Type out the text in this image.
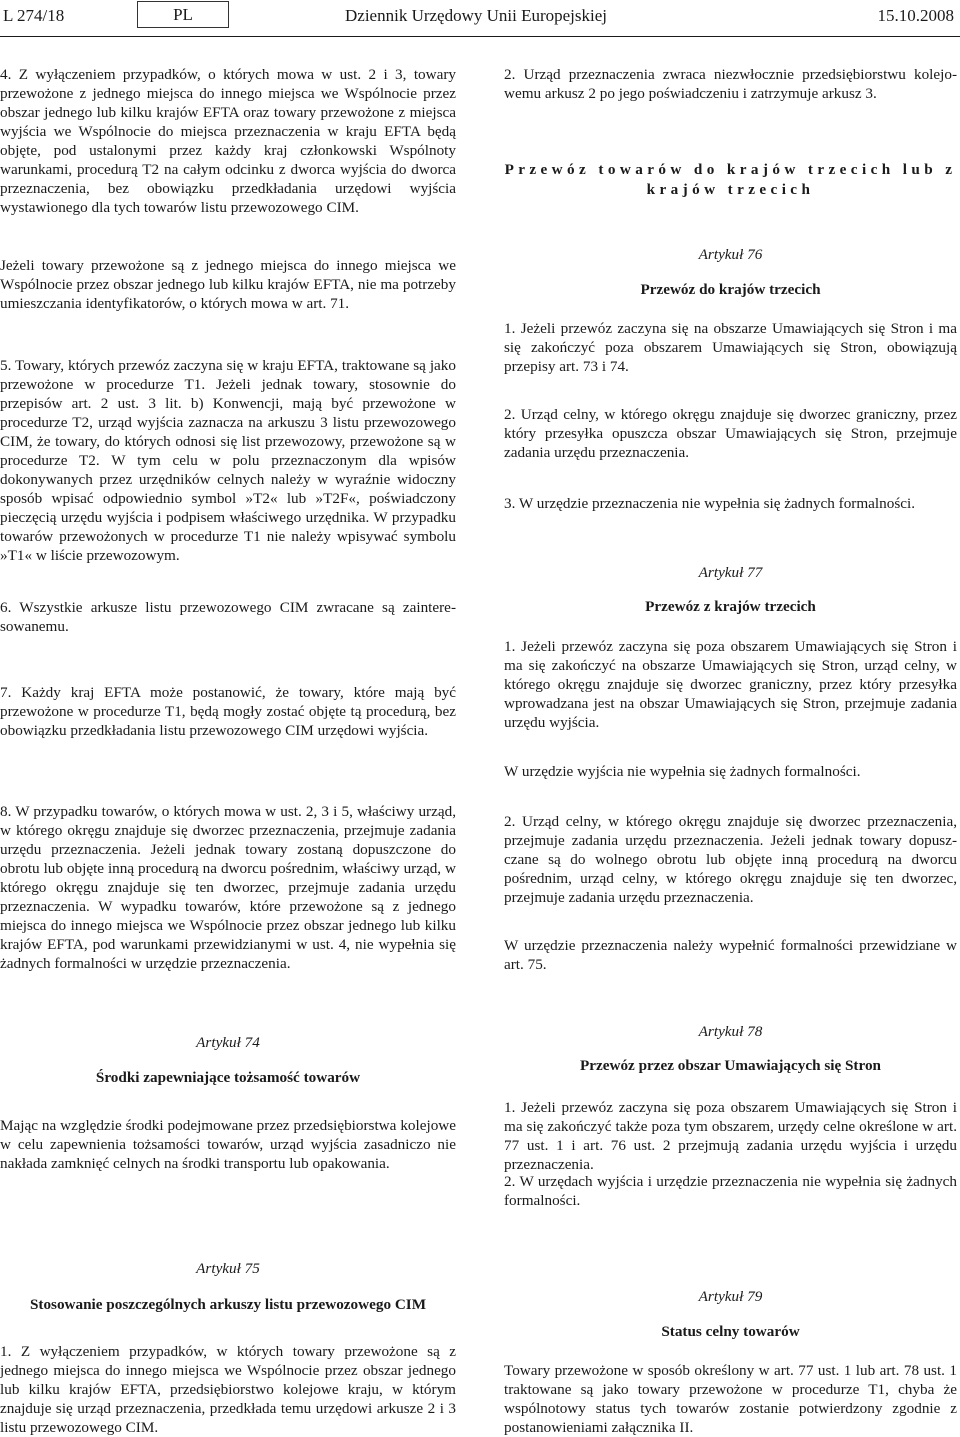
L 274/18	PL	Dziennik Urzędowy Unii Europejskiej	15.10.2008

4. Z wyłączeniem przypadków, o których mowa w ust. 2 i 3, towary przewożone z jednego miejsca do innego miejsca we Wspólnocie przez obszar jednego lub kilku krajów EFTA oraz towary przewożone z miejsca wyjścia we Wspólnocie do miejsca przeznaczenia w kraju EFTA będą objęte, pod ustalonymi przez każdy kraj członkowski Wspólnoty warunkami, procedurą T2 na całym odcinku z dworca wyjścia do dworca przeznaczenia, bez obowiązku przedkładania urzędowi wyjścia wystawionego dla tych towarów listu przewozowego CIM.

Jeżeli towary przewożone są z jednego miejsca do innego miejsca we Wspólnocie przez obszar jednego lub kilku krajów EFTA, nie ma potrzeby umieszczania identyfikatorów, o których mowa w art. 71.

5. Towary, których przewóz zaczyna się w kraju EFTA, traktowane są jako przewożone w procedurze T1. Jeżeli jednak towary, stosownie do przepisów art. 2 ust. 3 lit. b) Konwencji, mają być przewożone w procedurze T2, urząd wyjścia zaznacza na arkuszu 3 listu przewozowego CIM, że towary, do których odnosi się list przewozowy, przewożone są w procedurze T2. W tym celu w polu przeznaczonym dla wpisów dokonywanych przez urzędników celnych należy w wyraźnie widoczny sposób wpisać odpowiednio symbol »T2« lub »T2F«, poświadczony pieczęcią urzędu wyjścia i podpisem właściwego urzędnika. W przypadku towarów przewożonych w procedurze T1 nie należy wpisywać symbolu »T1« w liście przewozowym.

6. Wszystkie arkusze listu przewozowego CIM zwracane są zainteresowanemu.

7. Każdy kraj EFTA może postanowić, że towary, które mają być przewożone w procedurze T1, będą mogły zostać objęte tą procedurą, bez obowiązku przedkładania listu przewozowego CIM urzędowi wyjścia.

8. W przypadku towarów, o których mowa w ust. 2, 3 i 5, właściwy urząd, w którego okręgu znajduje się dworzec przeznaczenia, przejmuje zadania urzędu przeznaczenia. Jeżeli jednak towary zostaną dopuszczone do obrotu lub objęte inną procedurą na dworcu pośrednim, właściwy urząd, w którego okręgu znajduje się ten dworzec, przejmuje zadania urzędu przeznaczenia. W wypadku towarów, które przewożone są z jednego miejsca do innego miejsca we Wspólnocie przez obszar jednego lub kilku krajów EFTA, pod warunkami przewidzianymi w ust. 4, nie wypełnia się żadnych formalności w urzędzie przeznaczenia.

Artykuł 74
Środki zapewniające tożsamość towarów

Mając na względzie środki podejmowane przez przedsiębiorstwa kolejowe w celu zapewnienia tożsamości towarów, urząd wyjścia zasadniczo nie nakłada zamknięć celnych na środki transportu lub opakowania.

Artykuł 75
Stosowanie poszczególnych arkuszy listu przewozowego CIM

1. Z wyłączeniem przypadków, w których towary przewożone są z jednego miejsca do innego miejsca we Wspólnocie przez obszar jednego lub kilku krajów EFTA, przedsiębiorstwo kolejowe kraju, w którym znajduje się urząd przeznaczenia, przedkłada temu urzędowi arkusze 2 i 3 listu przewozowego CIM.

2. Urząd przeznaczenia zwraca niezwłocznie przedsiębiorstwu kolejowemu arkusz 2 po jego poświadczeniu i zatrzymuje arkusz 3.

Przewóz towarów do krajów trzecich lub z
krajów trzecich
Artykuł 76
Przewóz do krajów trzecich

1. Jeżeli przewóz zaczyna się na obszarze Umawiających się Stron i ma się zakończyć poza obszarem Umawiających się Stron, obowiązują przepisy art. 73 i 74.

2. Urząd celny, w którego okręgu znajduje się dworzec graniczny, przez który przesyłka opuszcza obszar Umawiających się Stron, przejmuje zadania urzędu przeznaczenia.

3. W urzędzie przeznaczenia nie wypełnia się żadnych formalności.

Artykuł 77
Przewóz z krajów trzecich

1. Jeżeli przewóz zaczyna się poza obszarem Umawiających się Stron i ma się zakończyć na obszarze Umawiających się Stron, urząd celny, w którego okręgu znajduje się dworzec graniczny, przez który przesyłka wprowadzana jest na obszar Umawiających się Stron, przejmuje zadania urzędu wyjścia.

W urzędzie wyjścia nie wypełnia się żadnych formalności.

2. Urząd celny, w którego okręgu znajduje się dworzec przeznaczenia, przejmuje zadania urzędu przeznaczenia. Jeżeli jednak towary dopuszczane są do wolnego obrotu lub objęte inną procedurą na dworcu pośrednim, urząd celny, w którego okręgu znajduje się ten dworzec, przejmuje zadania urzędu przeznaczenia.

W urzędzie przeznaczenia należy wypełnić formalności przewidziane w art. 75.

Artykuł 78
Przewóz przez obszar Umawiających się Stron

1. Jeżeli przewóz zaczyna się poza obszarem Umawiających się Stron i ma się zakończyć także poza tym obszarem, urzędy celne określone w art. 77 ust. 1 i art. 76 ust. 2 przejmują zadania urzędu wyjścia i urzędu przeznaczenia.

2. W urzędach wyjścia i urzędzie przeznaczenia nie wypełnia się żadnych formalności.

Artykuł 79
Status celny towarów

Towary przewożone w sposób określony w art. 77 ust. 1 lub art. 78 ust. 1 traktowane są jako towary przewożone w procedurze T1, chyba że wspólnotowy status tych towarów zostanie potwierdzony zgodnie z postanowieniami załącznika II.
